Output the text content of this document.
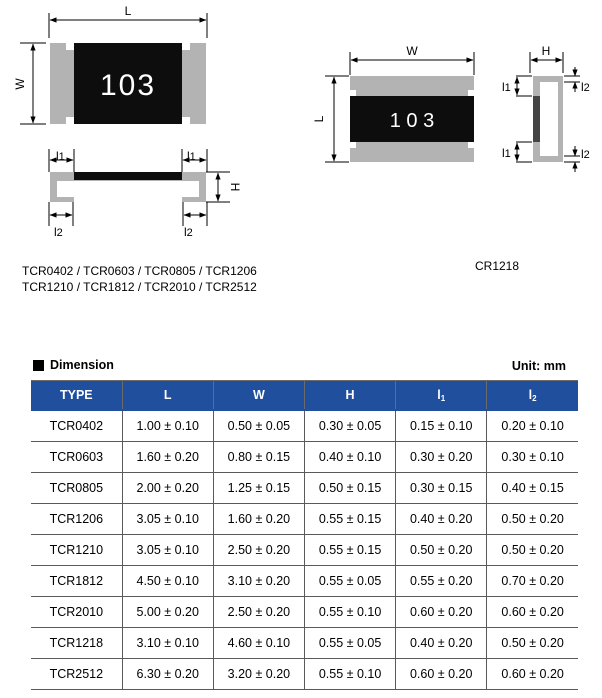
L
W 103
l1	l1
H
l2	l2
W
L	1 0 3
H
l1
l1
l2
l2
TCR0402 / TCR0603 / TCR0805 / TCR1206
TCR1210 / TCR1812 / TCR2010 / TCR2512
CR1218
Dimension	Unit: mm
TYPE	L	W	H	$l_1$	$l_2$
TCR0402	1.00 ± 0.10	0.50 ± 0.05	0.30 ± 0.05	0.15 ± 0.10	0.20 ± 0.10
TCR0603	1.60 ± 0.20	0.80 ± 0.15	0.40 ± 0.10	0.30 ± 0.20	0.30 ± 0.10
TCR0805	2.00 ± 0.20	1.25 ± 0.15	0.50 ± 0.15	0.30 ± 0.15	0.40 ± 0.15
TCR1206	3.05 ± 0.10	1.60 ± 0.20	0.55 ± 0.15	0.40 ± 0.20	0.50 ± 0.20
TCR1210	3.05 ± 0.10	2.50 ± 0.20	0.55 ± 0.15	0.50 ± 0.20	0.50 ± 0.20
TCR1812	4.50 ± 0.10	3.10 ± 0.20	0.55 ± 0.05	0.55 ± 0.20	0.70 ± 0.20
TCR2010	5.00 ± 0.20	2.50 ± 0.20	0.55 ± 0.10	0.60 ± 0.20	0.60 ± 0.20
TCR1218	3.10 ± 0.10	4.60 ± 0.10	0.55 ± 0.05	0.40 ± 0.20	0.50 ± 0.20
TCR2512	6.30 ± 0.20	3.20 ± 0.20	0.55 ± 0.10	0.60 ± 0.20	0.60 ± 0.20
